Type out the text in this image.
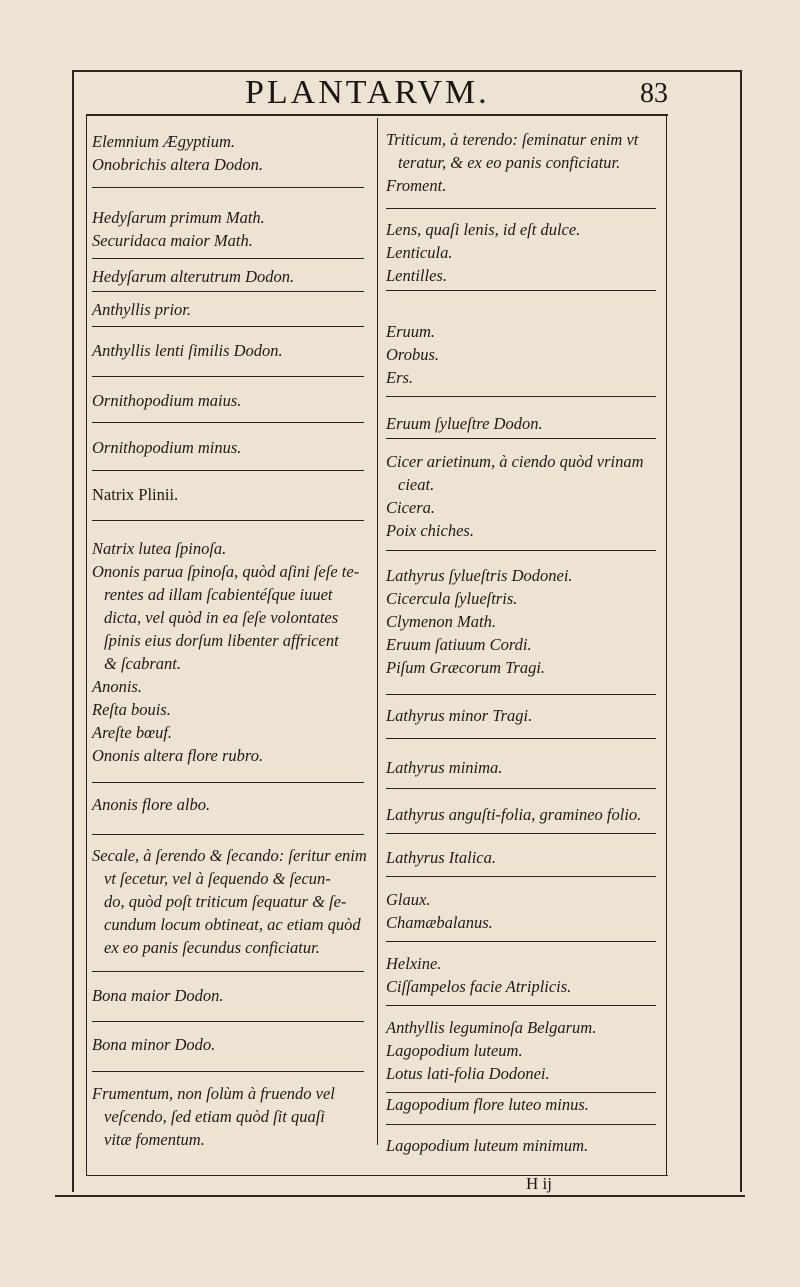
PLANTARVM.	83
H ij
Elemnium Ægyptium.
Onobrichis altera Dodon.
Hedyſarum primum Math.
Securidaca maior Math.
Hedyſarum alterutrum Dodon.
Anthyllis prior.
Anthyllis lenti ſimilis Dodon.
Ornithopodium maius.
Ornithopodium minus.
Natrix Plinii.
Natrix lutea ſpinoſa.
Ononis parua ſpinoſa, quòd aſini ſeſe te-
rentes ad illam ſcabientéſque iuuet
dicta, vel quòd in ea ſeſe volontates
ſpinis eius dorſum libenter affricent
& ſcabrant.
Anonis.
Reſta bouis.
Areſte bœuf.
Ononis altera flore rubro.
Anonis flore albo.
Secale, à ſerendo & ſecando: ſeritur enim
vt ſecetur, vel à ſequendo & ſecun-
do, quòd poſt triticum ſequatur & ſe-
cundum locum obtineat, ac etiam quòd
ex eo panis ſecundus conficiatur.
Bona maior Dodon.
Bona minor Dodo.
Frumentum, non ſolùm à fruendo vel
veſcendo, ſed etiam quòd ſit quaſi
vitæ fomentum.
Triticum, à terendo: ſeminatur enim vt
teratur, & ex eo panis conficiatur.
Froment.
Lens, quaſi lenis, id eſt dulce.
Lenticula.
Lentilles.
Eruum.
Orobus.
Ers.
Eruum ſylueſtre Dodon.
Cicer arietinum, à ciendo quòd vrinam
cieat.
Cicera.
Poix chiches.
Lathyrus ſylueſtris Dodonei.
Cicercula ſylueſtris.
Clymenon Math.
Eruum ſatiuum Cordi.
Piſum Græcorum Tragi.
Lathyrus minor Tragi.
Lathyrus minima.
Lathyrus anguſti-folia, gramineo folio.
Lathyrus Italica.
Glaux.
Chamæbalanus.
Helxine.
Ciſſampelos facie Atriplicis.
Anthyllis leguminoſa Belgarum.
Lagopodium luteum.
Lotus lati-folia Dodonei.
Lagopodium flore luteo minus.
Lagopodium luteum minimum.
